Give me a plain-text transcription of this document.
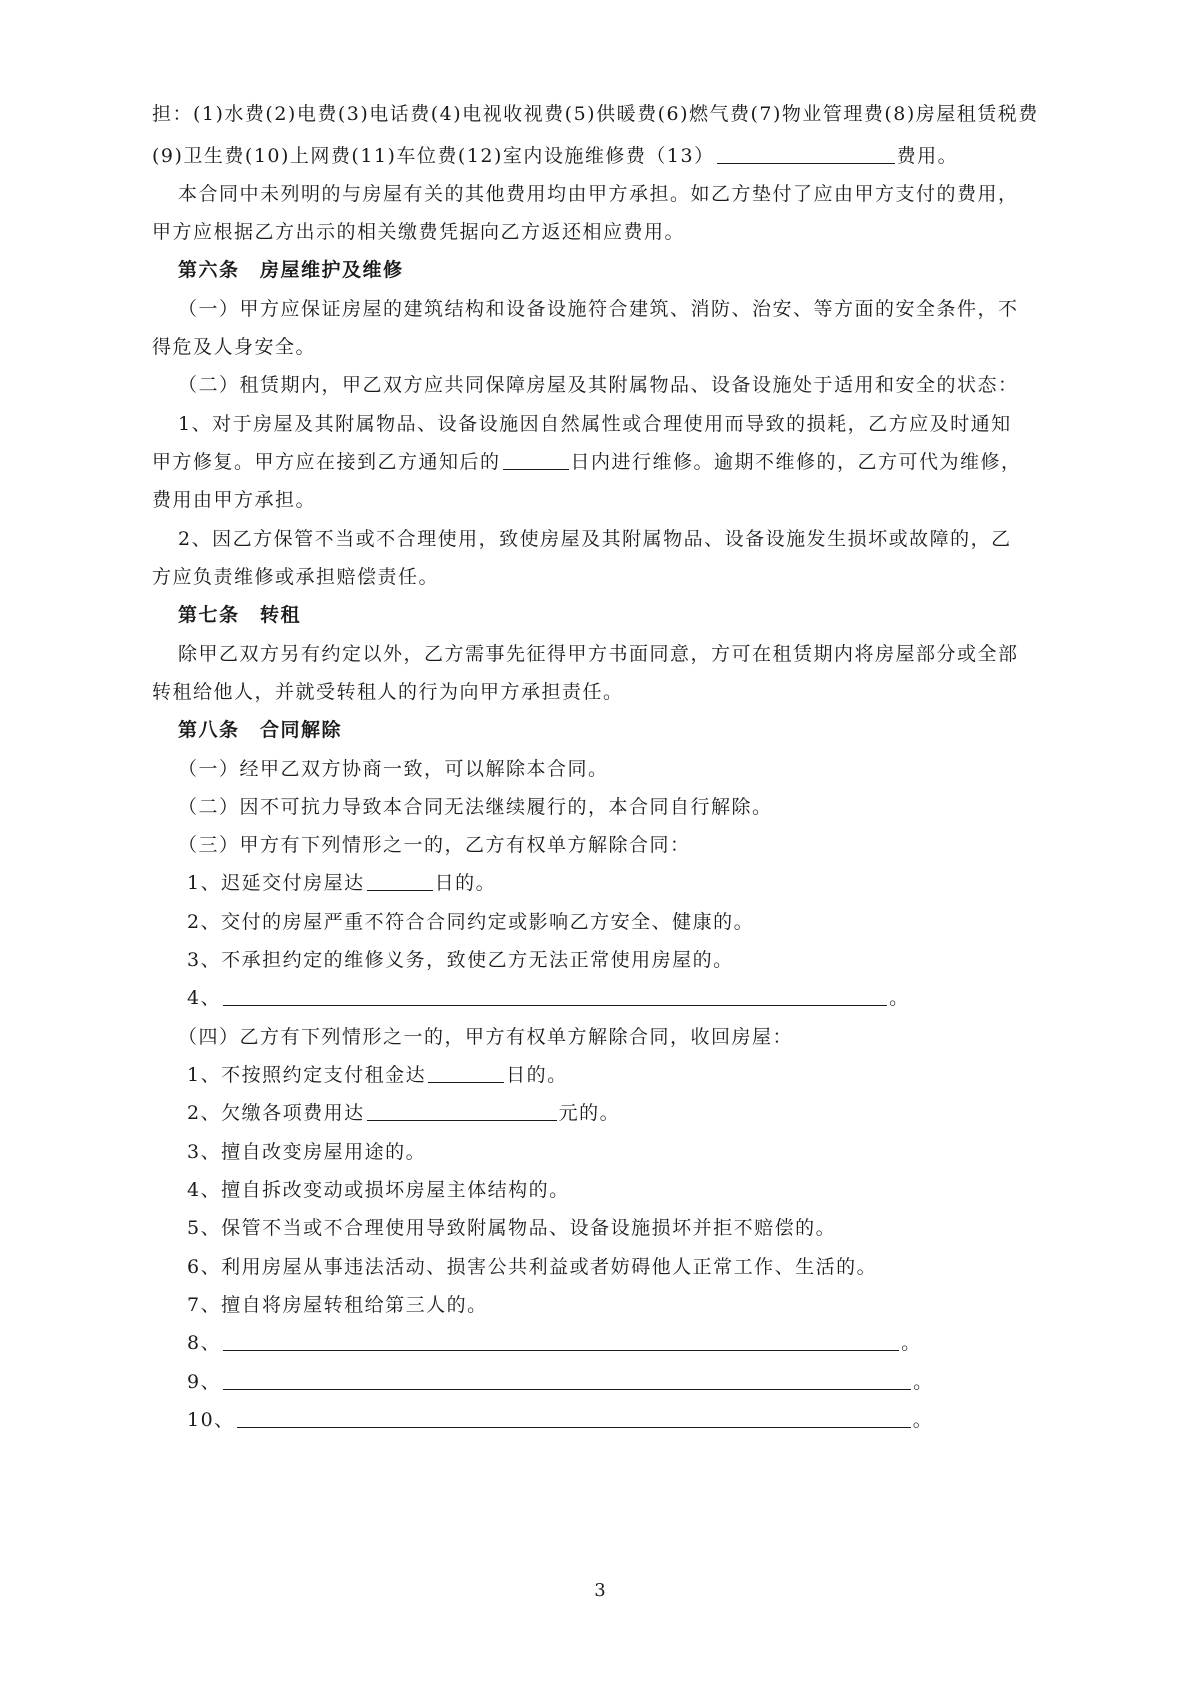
担：(1)水费(2)电费(3)电话费(4)电视收视费(5)供暖费(6)燃气费(7)物业管理费(8)房屋租赁税费
(9)卫生费(10)上网费(11)车位费(12)室内设施维修费（13）	费用。
本合同中未列明的与房屋有关的其他费用均由甲方承担。如乙方垫付了应由甲方支付的费用，
甲方应根据乙方出示的相关缴费凭据向乙方返还相应费用。
第六条　房屋维护及维修
（一）甲方应保证房屋的建筑结构和设备设施符合建筑、消防、治安、等方面的安全条件，不
得危及人身安全。
（二）租赁期内，甲乙双方应共同保障房屋及其附属物品、设备设施处于适用和安全的状态：
1、对于房屋及其附属物品、设备设施因自然属性或合理使用而导致的损耗，乙方应及时通知
甲方修复。甲方应在接到乙方通知后的	日内进行维修。逾期不维修的，乙方可代为维修，
费用由甲方承担。
2、因乙方保管不当或不合理使用，致使房屋及其附属物品、设备设施发生损坏或故障的，乙
方应负责维修或承担赔偿责任。
第七条　转租
除甲乙双方另有约定以外，乙方需事先征得甲方书面同意，方可在租赁期内将房屋部分或全部
转租给他人，并就受转租人的行为向甲方承担责任。
第八条　合同解除
（一）经甲乙双方协商一致，可以解除本合同。
（二）因不可抗力导致本合同无法继续履行的，本合同自行解除。
（三）甲方有下列情形之一的，乙方有权单方解除合同：
1、迟延交付房屋达	日的。
2、交付的房屋严重不符合合同约定或影响乙方安全、健康的。
3、不承担约定的维修义务，致使乙方无法正常使用房屋的。
4、	。
（四）乙方有下列情形之一的，甲方有权单方解除合同，收回房屋：
1、不按照约定支付租金达	日的。
2、欠缴各项费用达	元的。
3、擅自改变房屋用途的。
4、擅自拆改变动或损坏房屋主体结构的。
5、保管不当或不合理使用导致附属物品、设备设施损坏并拒不赔偿的。
6、利用房屋从事违法活动、损害公共利益或者妨碍他人正常工作、生活的。
7、擅自将房屋转租给第三人的。
8、	。
9、	。
10、	。
3
